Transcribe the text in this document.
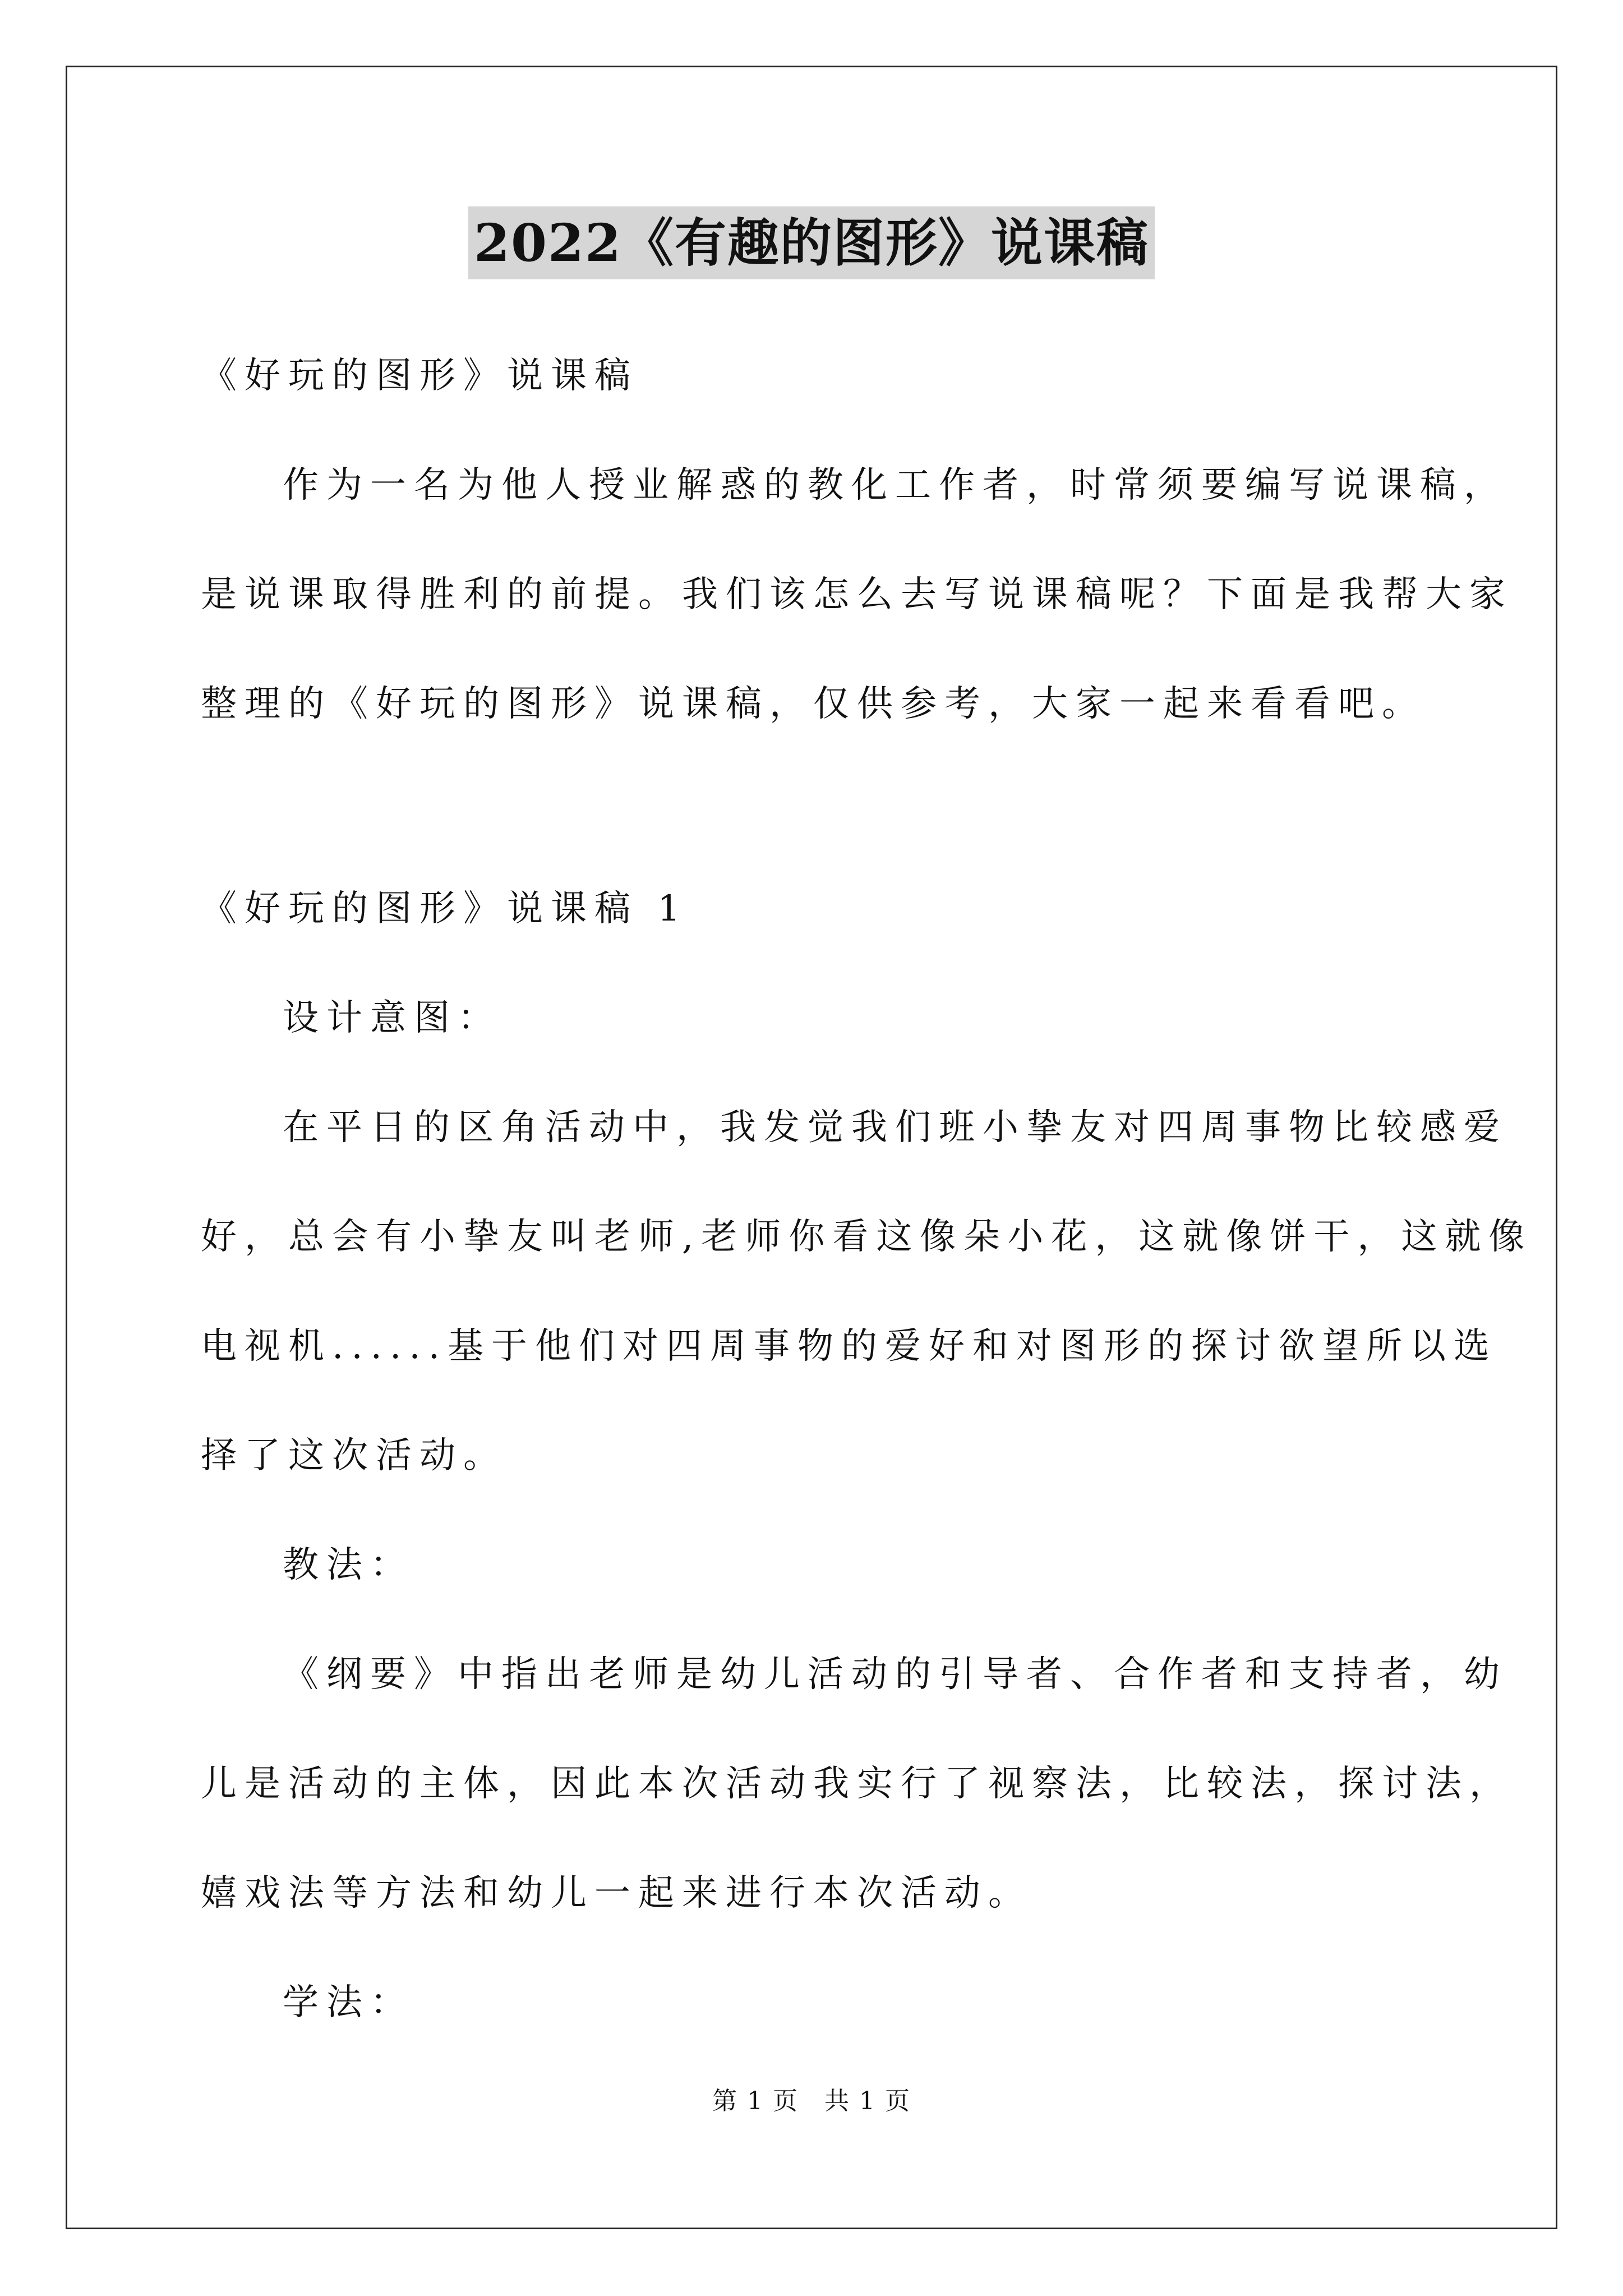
2022《有趣的图形》说课稿
《好玩的图形》说课稿
作为一名为他人授业解惑的教化工作者，时常须要编写说课稿，
是说课取得胜利的前提。我们该怎么去写说课稿呢？下面是我帮大家
整理的《好玩的图形》说课稿，仅供参考，大家一起来看看吧。
《好玩的图形》说课稿 1
设计意图：
在平日的区角活动中，我发觉我们班小挚友对四周事物比较感爱
好，总会有小挚友叫老师,老师你看这像朵小花，这就像饼干，这就像
电视机......基于他们对四周事物的爱好和对图形的探讨欲望所以选
择了这次活动。
教法：
《纲要》中指出老师是幼儿活动的引导者、合作者和支持者，幼
儿是活动的主体，因此本次活动我实行了视察法，比较法，探讨法，
嬉戏法等方法和幼儿一起来进行本次活动。
学法：
第 1 页　共 1 页
